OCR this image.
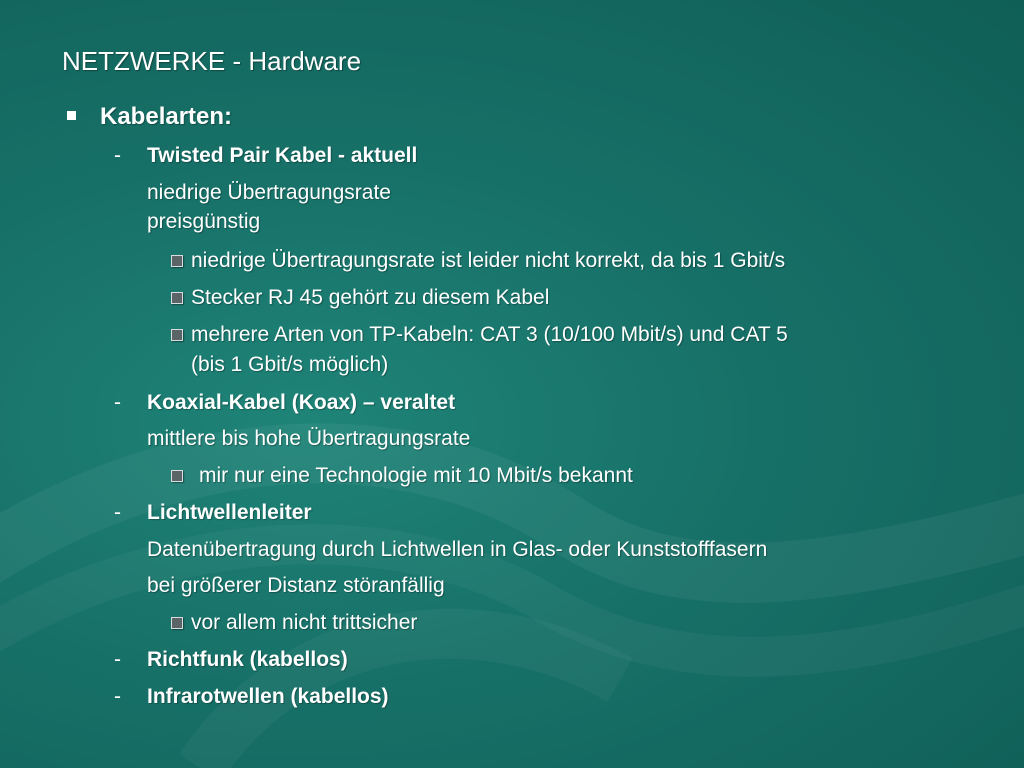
NETZWERKE - Hardware
Kabelarten:
- Twisted Pair Kabel - aktuell
niedrige Übertragungsrate
preisgünstig
niedrige Übertragungsrate ist leider nicht korrekt, da bis 1 Gbit/s
Stecker RJ 45 gehört zu diesem Kabel
mehrere Arten von TP-Kabeln: CAT 3 (10/100 Mbit/s) und CAT 5
(bis 1 Gbit/s möglich)
- Koaxial-Kabel (Koax) – veraltet
mittlere bis hohe Übertragungsrate
mir nur eine Technologie mit 10 Mbit/s bekannt
- Lichtwellenleiter
Datenübertragung durch Lichtwellen in Glas- oder Kunststofffasern
bei größerer Distanz störanfällig
vor allem nicht trittsicher
- Richtfunk (kabellos)
- Infrarotwellen (kabellos)
